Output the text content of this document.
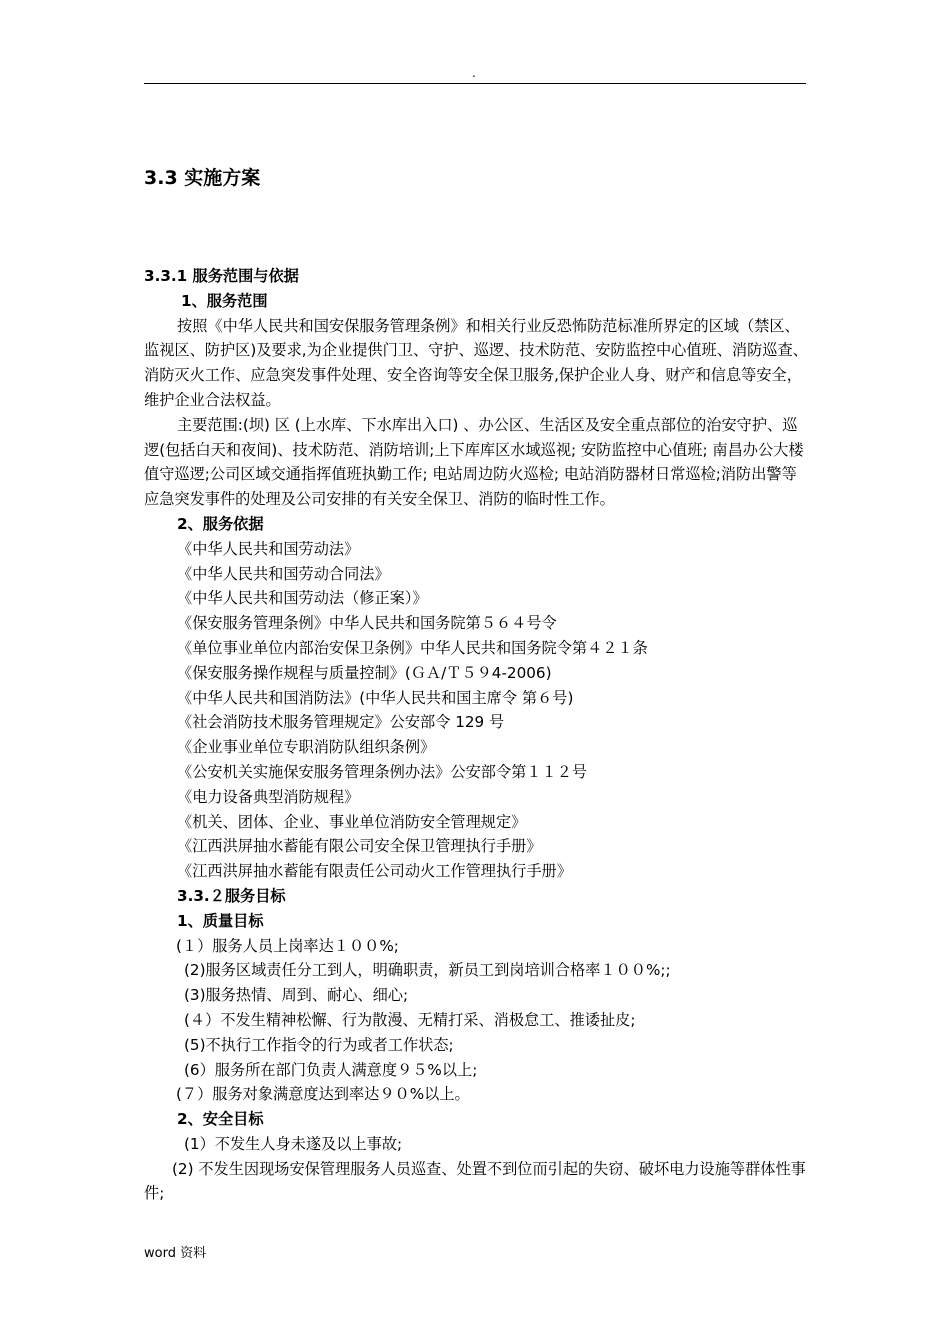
.
3.3 实施方案

3.3.1 服务范围与依据

1、服务范围

按照《中华人民共和国安保服务管理条例》和相关行业反恐怖防范标准所界定的区域（禁区、监视区、防护区)及要求,为企业提供门卫、守护、巡逻、技术防范、安防监控中心值班、消防巡查、消防灭火工作、应急突发事件处理、安全咨询等安全保卫服务,保护企业人身、财产和信息等安全，维护企业合法权益。

主要范围:(坝) 区 (上水库、下水库出入口) 、办公区、生活区及安全重点部位的治安守护、巡逻(包括白天和夜间)、技术防范、消防培训;上下库库区水域巡视; 安防监控中心值班; 南昌办公大楼值守巡逻;公司区域交通指挥值班执勤工作; 电站周边防火巡检; 电站消防器材日常巡检;消防出警等应急突发事件的处理及公司安排的有关安全保卫、消防的临时性工作。

2、服务依据

《中华人民共和国劳动法》

《中华人民共和国劳动合同法》

《中华人民共和国劳动法（修正案）》

《保安服务管理条例》中华人民共和国务院第５６４号令

《单位事业单位内部治安保卫条例》中华人民共和国务院令第４２１条

《保安服务操作规程与质量控制》(ＧＡ/Ｔ５９4-2006)

《中华人民共和国消防法》(中华人民共和国主席令 第６号)

《社会消防技术服务管理规定》公安部令 129 号

《企业事业单位专职消防队组织条例》

《公安机关实施保安服务管理条例办法》公安部令第１１２号

《电力设备典型消防规程》

《机关、团体、企业、事业单位消防安全管理规定》

《江西洪屏抽水蓄能有限公司安全保卫管理执行手册》

《江西洪屏抽水蓄能有限责任公司动火工作管理执行手册》

3.3.２服务目标

1、质量目标

(１）服务人员上岗率达１００%;

(2)服务区域责任分工到人，明确职责，新员工到岗培训合格率１００%;;

(3)服务热情、周到、耐心、细心;

(４）不发生精神松懈、行为散漫、无精打采、消极怠工、推诿扯皮;

(5)不执行工作指令的行为或者工作状态;

(6）服务所在部门负责人满意度９５%以上;

(７）服务对象满意度达到率达９０%以上。

2、安全目标

(1）不发生人身未遂及以上事故;

(2) 不发生因现场安保管理服务人员巡查、处置不到位而引起的失窃、破坏电力设施等群体性事件;

word 资料
